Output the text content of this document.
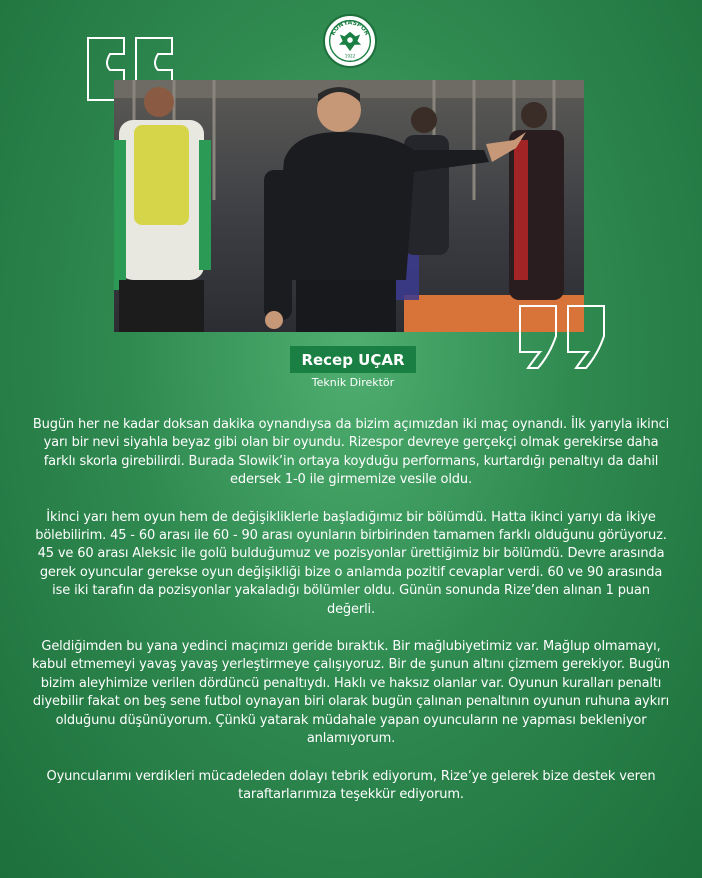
KONYASPOR
1922
Recep UÇAR
Teknik Direktör

Bugün her ne kadar doksan dakika oynandıysa da bizim açımızdan iki maç oynandı. İlk yarıyla ikinci yarı bir nevi siyahla beyaz gibi olan bir oyundu. Rizespor devreye gerçekçi olmak gerekirse daha farklı skorla girebilirdi. Burada Slowik’in ortaya koyduğu performans, kurtardığı penaltıyı da dahil edersek 1-0 ile girmemize vesile oldu.

İkinci yarı hem oyun hem de değişikliklerle başladığımız bir bölümdü. Hatta ikinci yarıyı da ikiye bölebilirim. 45 - 60 arası ile 60 - 90 arası oyunların birbirinden tamamen farklı olduğunu görüyoruz. 45 ve 60 arası Aleksic ile golü bulduğumuz ve pozisyonlar ürettiğimiz bir bölümdü. Devre arasında gerek oyuncular gerekse oyun değişikliği bize o anlamda pozitif cevaplar verdi. 60 ve 90 arasında ise iki tarafın da pozisyonlar yakaladığı bölümler oldu. Günün sonunda Rize’den alınan 1 puan değerli.

Geldiğimden bu yana yedinci maçımızı geride bıraktık. Bir mağlubiyetimiz var. Mağlup olmamayı, kabul etmemeyi yavaş yavaş yerleştirmeye çalışıyoruz. Bir de şunun altını çizmem gerekiyor. Bugün bizim aleyhimize verilen dördüncü penaltıydı. Haklı ve haksız olanlar var. Oyunun kuralları penaltı diyebilir fakat on beş sene futbol oynayan biri olarak bugün çalınan penaltının oyunun ruhuna aykırı olduğunu düşünüyorum. Çünkü yatarak müdahale yapan oyuncuların ne yapması bekleniyor anlamıyorum.

Oyuncularımı verdikleri mücadeleden dolayı tebrik ediyorum, Rize’ye gelerek bize destek veren taraftarlarımıza teşekkür ediyorum.
